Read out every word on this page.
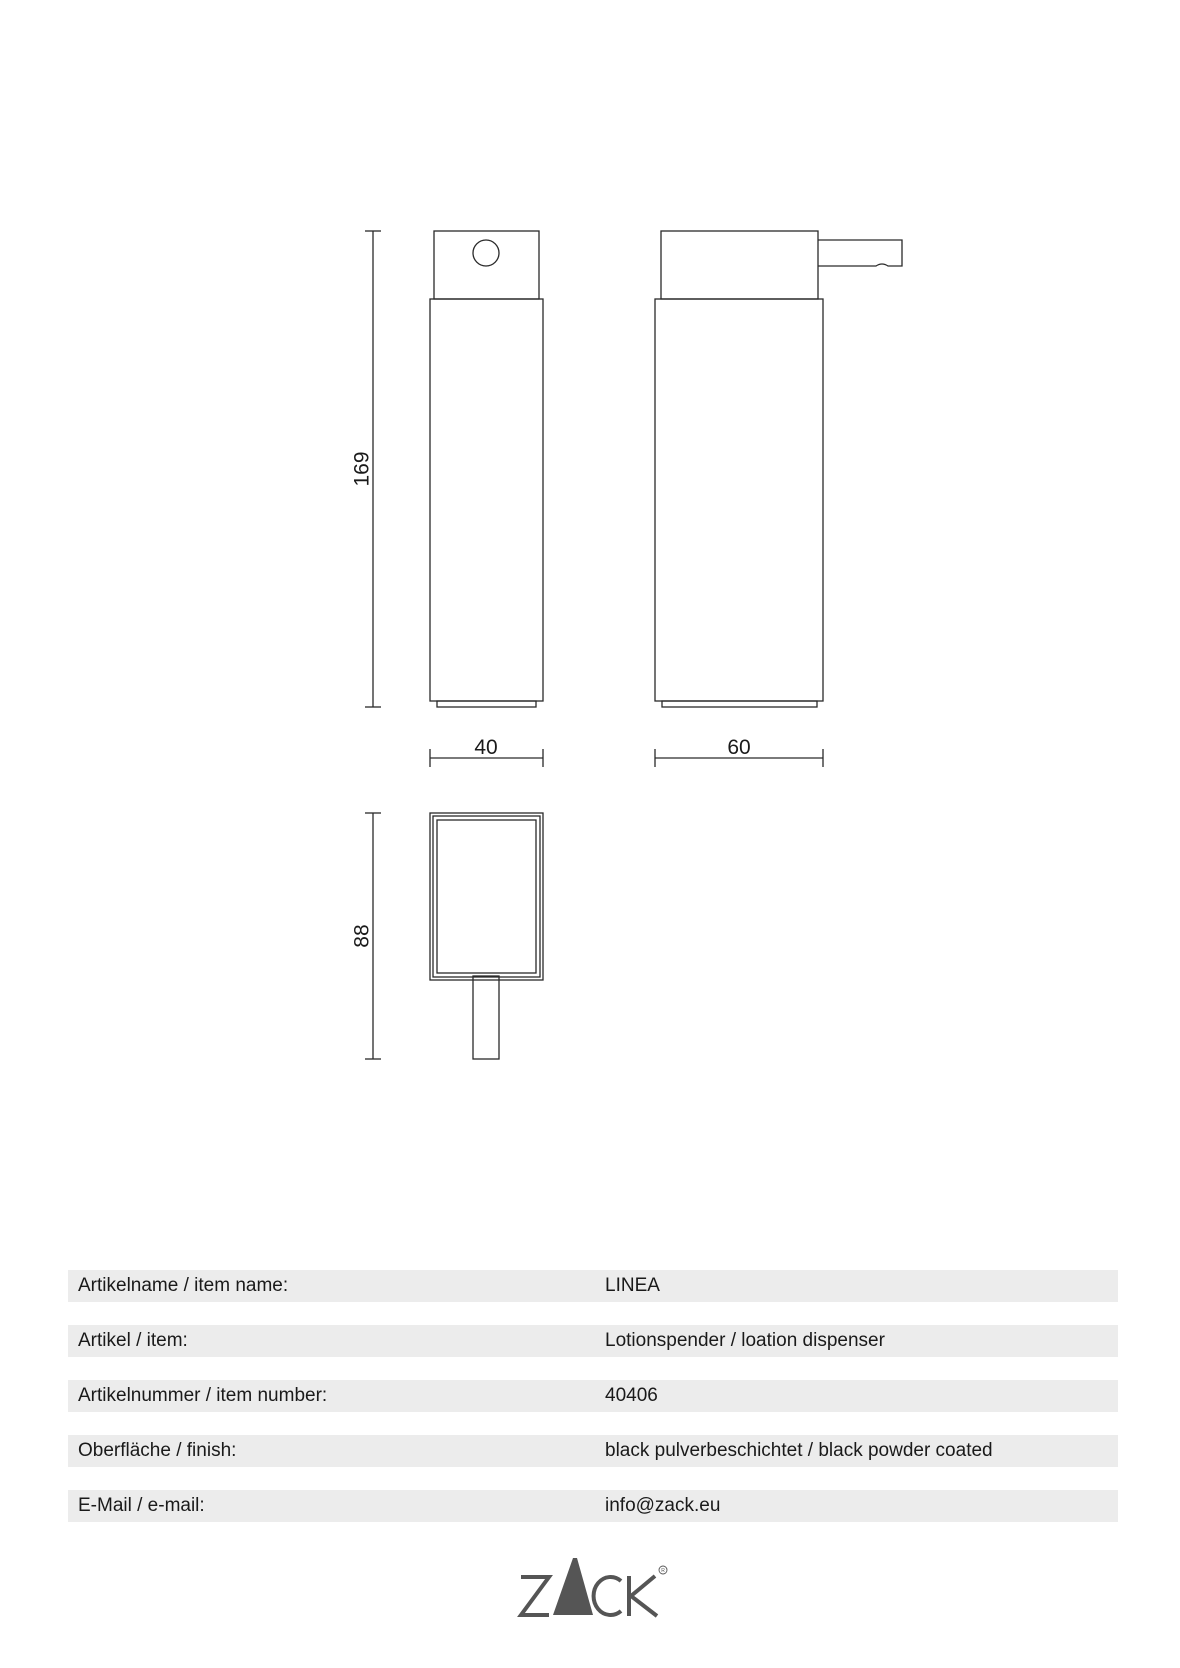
169
40	60
88
Artikelname / item name:	LINEA
Artikel / item:	Lotionspender / loation dispenser
Artikelnummer / item number:	40406
Oberfläche / finish:	black pulverbeschichtet / black powder coated
E-Mail / e-mail:	info@zack.eu
R
